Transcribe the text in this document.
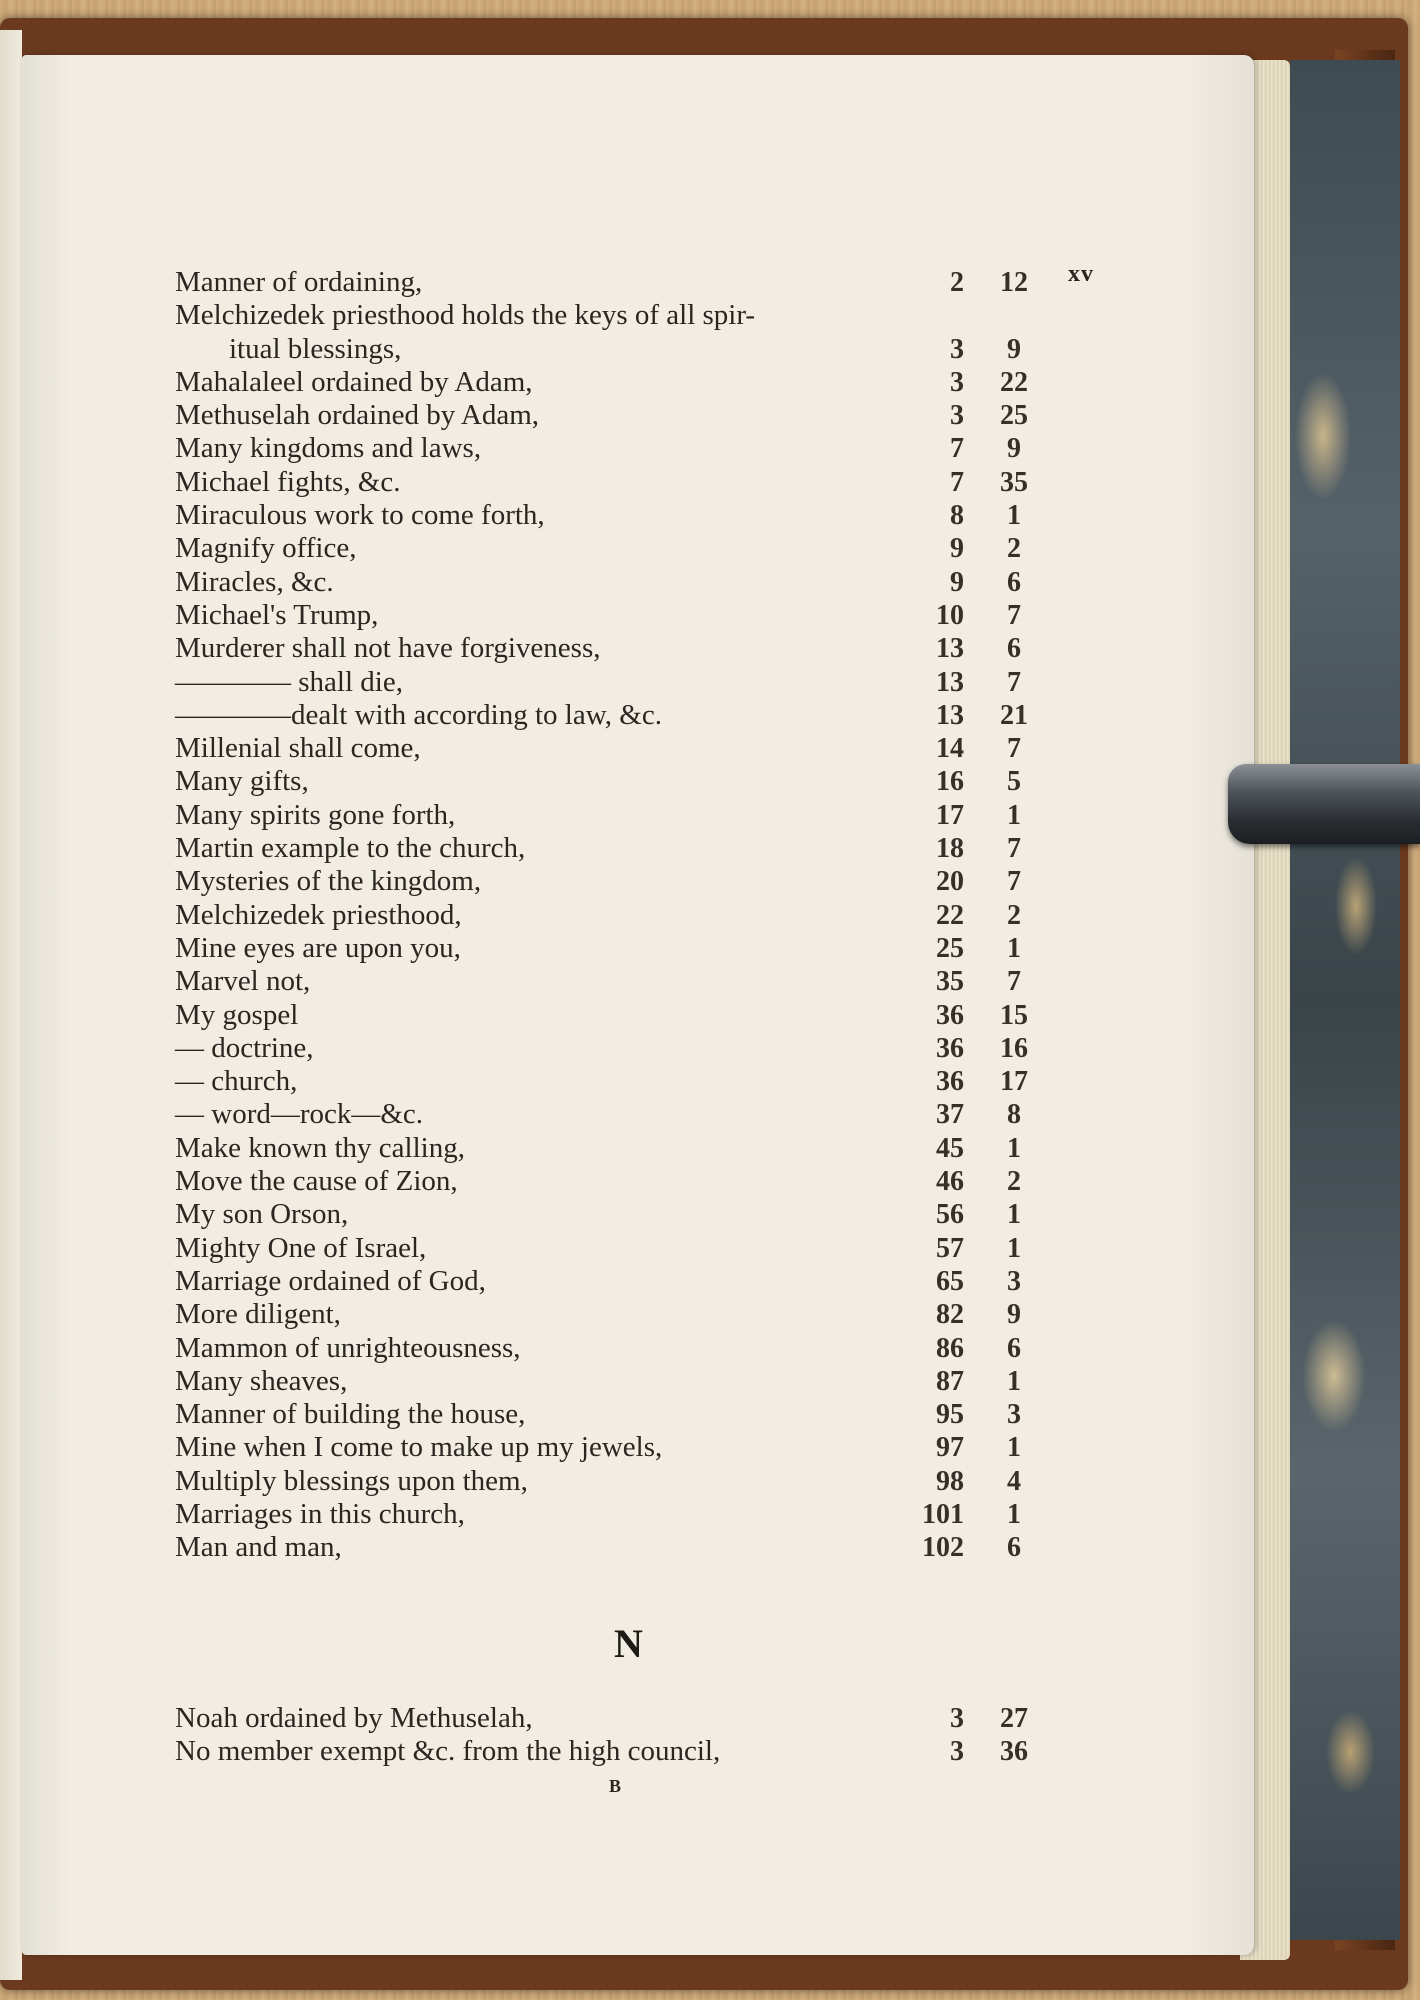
xv
Manner of ordaining,	2	12
Melchizedek priesthood holds the keys of all spir-
itual blessings,	3	9
Mahalaleel ordained by Adam,	3	22
Methuselah ordained by Adam,	3	25
Many kingdoms and laws,	7	9
Michael fights, &c.	7	35
Miraculous work to come forth,	8	1
Magnify office,	9	2
Miracles, &c.	9	6
Michael's Trump,	10	7
Murderer shall not have forgiveness,	13	6
———— shall die,	13	7
————dealt with according to law, &c.	13	21
Millenial shall come,	14	7
Many gifts,	16	5
Many spirits gone forth,	17	1
Martin example to the church,	18	7
Mysteries of the kingdom,	20	7
Melchizedek priesthood,	22	2
Mine eyes are upon you,	25	1
Marvel not,	35	7
My gospel	36	15
— doctrine,	36	16
— church,	36	17
— word—rock—&c.	37	8
Make known thy calling,	45	1
Move the cause of Zion,	46	2
My son Orson,	56	1
Mighty One of Israel,	57	1
Marriage ordained of God,	65	3
More diligent,	82	9
Mammon of unrighteousness,	86	6
Many sheaves,	87	1
Manner of building the house,	95	3
Mine when I come to make up my jewels,	97	1
Multiply blessings upon them,	98	4
Marriages in this church,	101	1
Man and man,	102	6
N
Noah ordained by Methuselah,	3	27
No member exempt &c. from the high council,	3	36
B
